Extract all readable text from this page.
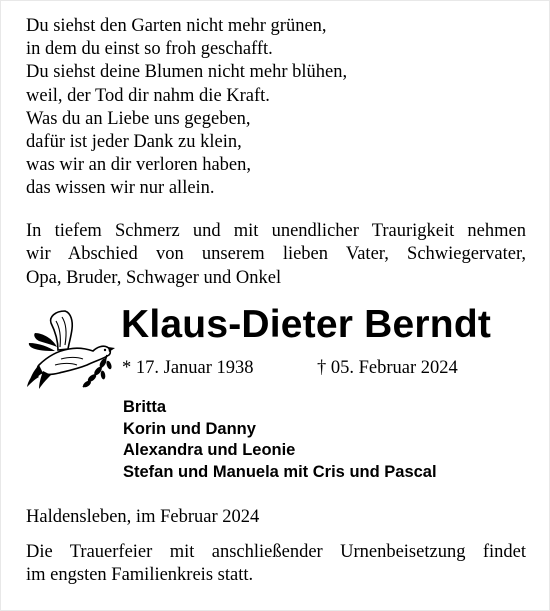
Du siehst den Garten nicht mehr grünen,
in dem du einst so froh geschafft.
Du siehst deine Blumen nicht mehr blühen,
weil, der Tod dir nahm die Kraft.
Was du an Liebe uns gegeben,
dafür ist jeder Dank zu klein,
was wir an dir verloren haben,
das wissen wir nur allein.
In tiefem Schmerz und mit unendlicher Traurigkeit nehmen
wir Abschied von unserem lieben Vater, Schwiegervater,
Opa, Bruder, Schwager und Onkel
Klaus-Dieter Berndt
* 17. Januar 1938	† 05. Februar 2024
Britta
Korin und Danny
Alexandra und Leonie
Stefan und Manuela mit Cris und Pascal
Haldensleben, im Februar 2024
Die Trauerfeier mit anschließender Urnenbeisetzung findet
im engsten Familienkreis statt.
